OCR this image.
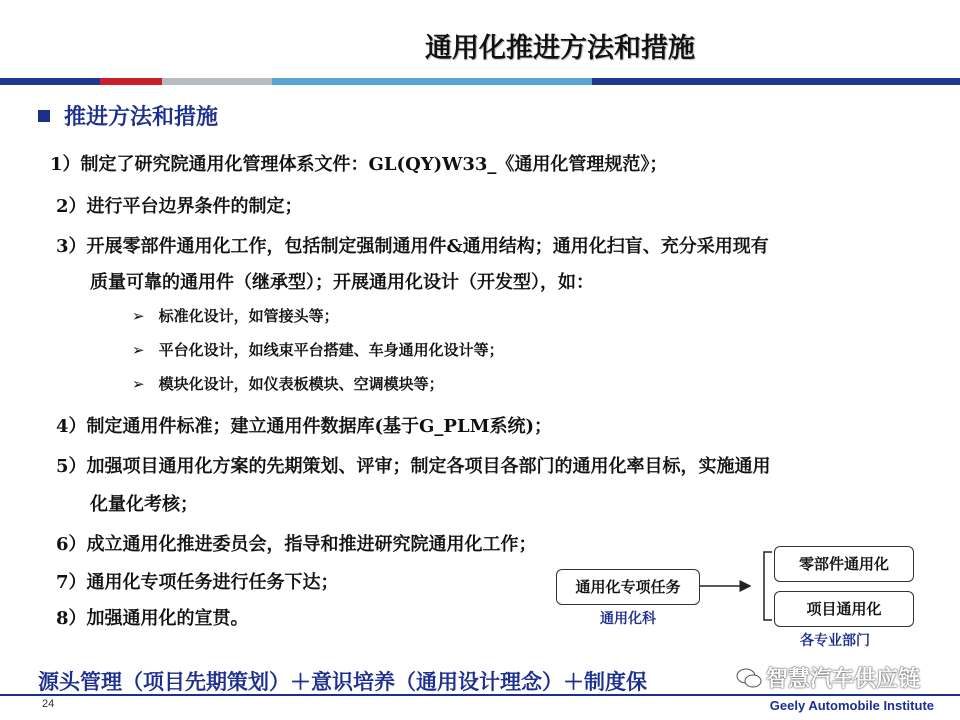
通用化推进方法和措施
推进方法和措施
1）制定了研究院通用化管理体系文件：GL(QY)W33_《通用化管理规范》；
2）进行平台边界条件的制定；
3）开展零部件通用化工作，包括制定强制通用件&通用结构；通用化扫盲、充分采用现有
质量可靠的通用件（继承型）；开展通用化设计（开发型），如：
➢ 标准化设计，如管接头等；
➢ 平台化设计，如线束平台搭建、车身通用化设计等；
➢ 模块化设计，如仪表板模块、空调模块等；
4）制定通用件标准；建立通用件数据库(基于G_PLM系统)；
5）加强项目通用化方案的先期策划、评审；制定各项目各部门的通用化率目标，实施通用
化量化考核；
6）成立通用化推进委员会，指导和推进研究院通用化工作；
7）通用化专项任务进行任务下达；
8）加强通用化的宣贯。
通用化专项任务
通用化科
零部件通用化
项目通用化
各专业部门
源头管理（项目先期策划）＋意识培养（通用设计理念）＋制度保	智慧汽车供应链
24	Geely Automobile Institute
